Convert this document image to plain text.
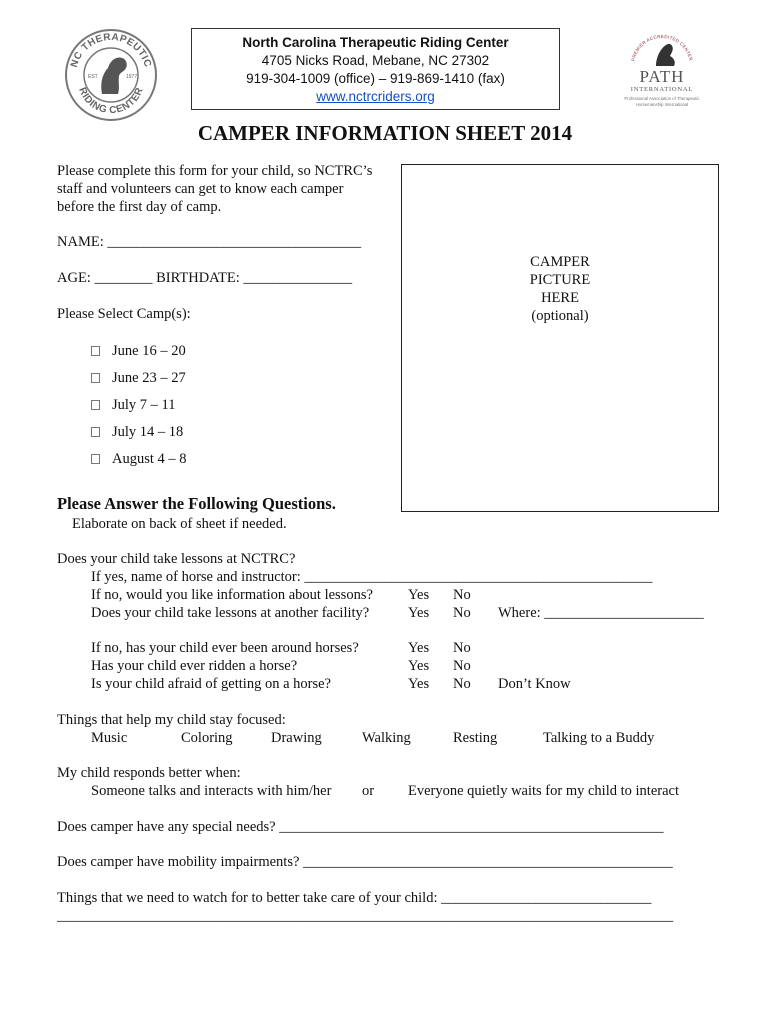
NC THERAPEUTIC
RIDING CENTER
EST	1977
North Carolina Therapeutic Riding Center
4705 Nicks Road, Mebane, NC 27302
919-304-1009 (office) – 919-869-1410 (fax)
www.nctrcriders.org
PREMIER ACCREDITED CENTER
PATH
INTERNATIONAL
Professional Association of Therapeutic
Horsemanship International
CAMPER INFORMATION SHEET 2014
Please complete this form for your child, so NCTRC’s
staff and volunteers can get to know each camper
before the first day of camp.
NAME: ___________________________________
AGE: ________ BIRTHDATE: _______________
Please Select Camp(s):
June 16 – 20
June 23 – 27
July 7 – 11
July 14 – 18
August 4 – 8
CAMPER
PICTURE
HERE
(optional)
Please Answer the Following Questions.
Elaborate on back of sheet if needed.
Does your child take lessons at NCTRC?
If yes, name of horse and instructor: ________________________________________________
If no, would you like information about lessons? Yes No
Does your child take lessons at another facility?	Yes No Where: ______________________
If no, has your child ever been around horses?	Yes No
Has your child ever ridden a horse?	Yes No
Is your child afraid of getting on a horse?	Yes No Don’t Know
Things that help my child stay focused:
Music	Coloring	Drawing	Walking	Resting	Talking to a Buddy
My child responds better when:
Someone talks and interacts with him/her or Everyone quietly waits for my child to interact
Does camper have any special needs? _____________________________________________________
Does camper have mobility impairments? ___________________________________________________
Things that we need to watch for to better take care of your child: _____________________________
_____________________________________________________________________________________
